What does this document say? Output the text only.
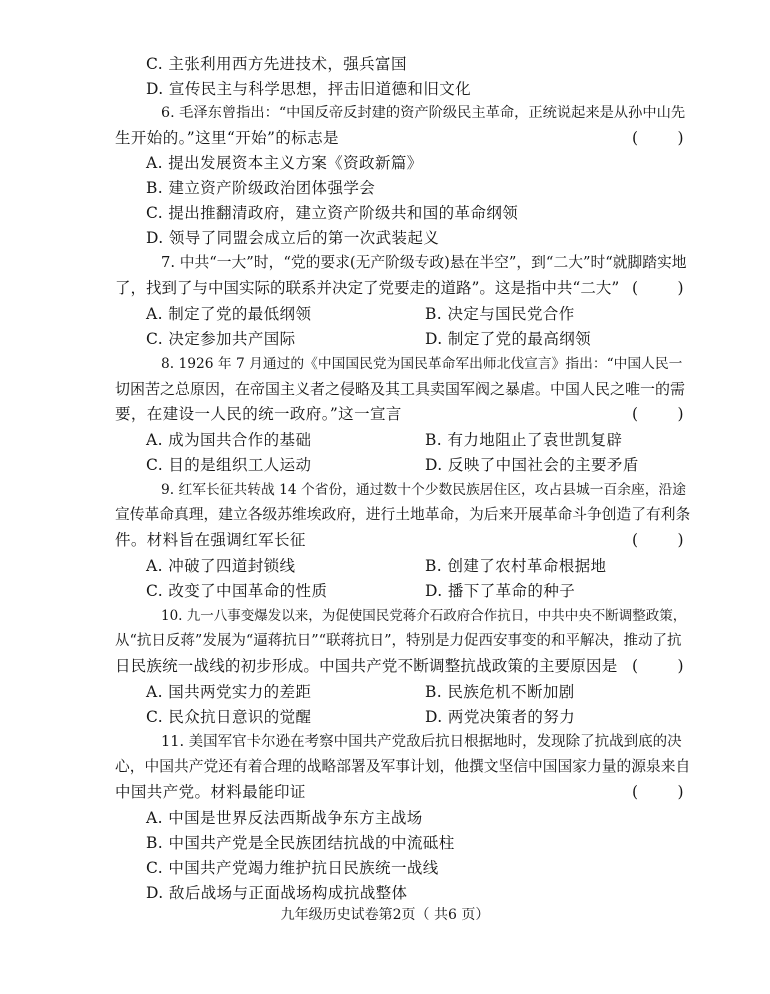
C. 主张利用西方先进技术，强兵富国
D. 宣传民主与科学思想，抨击旧道德和旧文化
6. 毛泽东曾指出：“中国反帝反封建的资产阶级民主革命，正统说起来是从孙中山先
生开始的。”这里“开始”的标志是	(        )
A. 提出发展资本主义方案《资政新篇》
B. 建立资产阶级政治团体强学会
C. 提出推翻清政府，建立资产阶级共和国的革命纲领
D. 领导了同盟会成立后的第一次武装起义
7. 中共“一大”时，“党的要求(无产阶级专政)悬在半空”，到“二大”时“就脚踏实地
了，找到了与中国实际的联系并决定了党要走的道路”。这是指中共“二大” (        )
A. 制定了党的最低纲领	B. 决定与国民党合作
C. 决定参加共产国际	D. 制定了党的最高纲领
8. 1926 年 7 月通过的《中国国民党为国民革命军出师北伐宣言》指出：“中国人民一
切困苦之总原因，在帝国主义者之侵略及其工具卖国军阀之暴虐。中国人民之唯一的需
要，在建设一人民的统一政府。”这一宣言	(        )
A. 成为国共合作的基础	B. 有力地阻止了袁世凯复辟
C. 目的是组织工人运动	D. 反映了中国社会的主要矛盾
9. 红军长征共转战 14 个省份，通过数十个少数民族居住区，攻占县城一百余座，沿途
宣传革命真理，建立各级苏维埃政府，进行土地革命，为后来开展革命斗争创造了有利条
件。材料旨在强调红军长征	(        )
A. 冲破了四道封锁线	B. 创建了农村革命根据地
C. 改变了中国革命的性质	D. 播下了革命的种子
10. 九一八事变爆发以来，为促使国民党蒋介石政府合作抗日，中共中央不断调整政策，
从“抗日反蒋”发展为“逼蒋抗日”“联蒋抗日”，特别是力促西安事变的和平解决，推动了抗
日民族统一战线的初步形成。中国共产党不断调整抗战政策的主要原因是 (        )
A. 国共两党实力的差距	B. 民族危机不断加剧
C. 民众抗日意识的觉醒	D. 两党决策者的努力
11. 美国军官卡尔逊在考察中国共产党敌后抗日根据地时，发现除了抗战到底的决
心，中国共产党还有着合理的战略部署及军事计划，他撰文坚信中国国家力量的源泉来自
中国共产党。材料最能印证	(        )
A. 中国是世界反法西斯战争东方主战场
B. 中国共产党是全民族团结抗战的中流砥柱
C. 中国共产党竭力维护抗日民族统一战线
D. 敌后战场与正面战场构成抗战整体
九年级历史试卷第2页（ 共6 页）
